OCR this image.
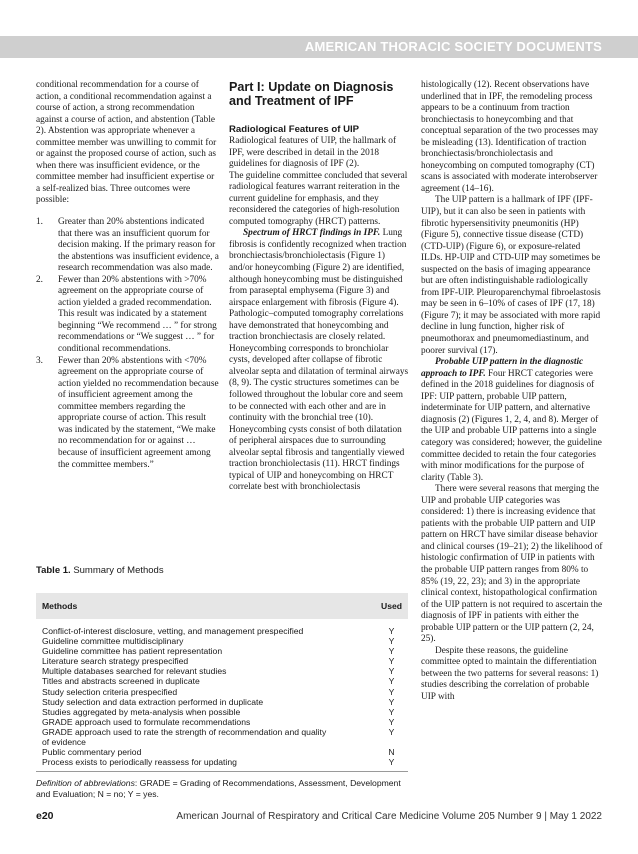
AMERICAN THORACIC SOCIETY DOCUMENTS

conditional recommendation for a course of action, a conditional recommendation against a course of action, a strong recommendation against a course of action, and abstention (Table 2). Abstention was appropriate whenever a committee member was unwilling to commit for or against the proposed course of action, such as when there was insufficient evidence, or the committee member had insufficient expertise or a self-realized bias. Three outcomes were possible:

1. Greater than 20% abstentions indicated that there was an insufficient quorum for decision making. If the primary reason for the abstentions was insufficient evidence, a research recommendation was also made.
2. Fewer than 20% abstentions with >70% agreement on the appropriate course of action yielded a graded recommendation. This result was indicated by a statement beginning “We recommend … ” for strong recommendations or “We suggest … ” for conditional recommendations.
3. Fewer than 20% abstentions with <70% agreement on the appropriate course of action yielded no recommendation because of insufficient agreement among the committee members regarding the appropriate course of action. This result was indicated by the statement, “We make no recommendation for or against … because of insufficient agreement among the committee members.”
Part I: Update on Diagnosis and Treatment of IPF
Radiological Features of UIP

Radiological features of UIP, the hallmark of IPF, were described in detail in the 2018 guidelines for diagnosis of IPF (2).

The guideline committee concluded that several radiological features warrant reiteration in the current guideline for emphasis, and they reconsidered the categories of high-resolution computed tomography (HRCT) patterns.

Spectrum of HRCT findings in IPF. Lung fibrosis is confidently recognized when traction bronchiectasis/bronchiolectasis (Figure 1) and/or honeycombing (Figure 2) are identified, although honeycombing must be distinguished from paraseptal emphysema (Figure 3) and airspace enlargement with fibrosis (Figure 4). Pathologic–computed tomography correlations have demonstrated that honeycombing and traction bronchiectasis are closely related.

Honeycombing corresponds to bronchiolar cysts, developed after collapse of fibrotic alveolar septa and dilatation of terminal airways (8, 9). The cystic structures sometimes can be followed throughout the lobular core and seem to be connected with each other and are in continuity with the bronchial tree (10). Honeycombing cysts consist of both dilatation of peripheral airspaces due to surrounding alveolar septal fibrosis and tangentially viewed traction bronchiolectasis (11). HRCT findings typical of UIP and honeycombing on HRCT correlate best with bronchiolectasis

histologically (12). Recent observations have underlined that in IPF, the remodeling process appears to be a continuum from traction bronchiectasis to honeycombing and that conceptual separation of the two processes may be misleading (13). Identification of traction bronchiectasis/bronchiolectasis and honeycombing on computed tomography (CT) scans is associated with moderate interobserver agreement (14–16).

The UIP pattern is a hallmark of IPF (IPF-UIP), but it can also be seen in patients with fibrotic hypersensitivity pneumonitis (HP) (Figure 5), connective tissue disease (CTD) (CTD-UIP) (Figure 6), or exposure-related ILDs. HP-UIP and CTD-UIP may sometimes be suspected on the basis of imaging appearance but are often indistinguishable radiologically from IPF-UIP. Pleuroparenchymal fibroelastosis may be seen in 6–10% of cases of IPF (17, 18) (Figure 7); it may be associated with more rapid decline in lung function, higher risk of pneumothorax and pneumomediastinum, and poorer survival (17).

Probable UIP pattern in the diagnostic approach to IPF. Four HRCT categories were defined in the 2018 guidelines for diagnosis of IPF: UIP pattern, probable UIP pattern, indeterminate for UIP pattern, and alternative diagnosis (2) (Figures 1, 2, 4, and 8). Merger of the UIP and probable UIP patterns into a single category was considered; however, the guideline committee decided to retain the four categories with minor modifications for the purpose of clarity (Table 3).

There were several reasons that merging the UIP and probable UIP categories was considered: 1) there is increasing evidence that patients with the probable UIP pattern and UIP pattern on HRCT have similar disease behavior and clinical courses (19–21); 2) the likelihood of histologic confirmation of UIP in patients with the probable UIP pattern ranges from 80% to 85% (19, 22, 23); and 3) in the appropriate clinical context, histopathological confirmation of the UIP pattern is not required to ascertain the diagnosis of IPF in patients with either the probable UIP pattern or the UIP pattern (2, 24, 25).

Despite these reasons, the guideline committee opted to maintain the differentiation between the two patterns for several reasons: 1) studies describing the correlation of probable UIP with

Table 1. Summary of Methods
Methods	Used
Conflict-of-interest disclosure, vetting, and management prespecified	Y
Guideline committee multidisciplinary	Y
Guideline committee has patient representation	Y
Literature search strategy prespecified	Y
Multiple databases searched for relevant studies	Y
Titles and abstracts screened in duplicate	Y
Study selection criteria prespecified	Y
Study selection and data extraction performed in duplicate	Y
Studies aggregated by meta-analysis when possible	Y
GRADE approach used to formulate recommendations	Y
GRADE approach used to rate the strength of recommendation and quality of evidence	Y
Public commentary period	N
Process exists to periodically reassess for updating	Y
Definition of abbreviations: GRADE = Grading of Recommendations, Assessment, Development and Evaluation; N = no; Y = yes.
e20	American Journal of Respiratory and Critical Care Medicine Volume 205 Number 9 | May 1 2022
